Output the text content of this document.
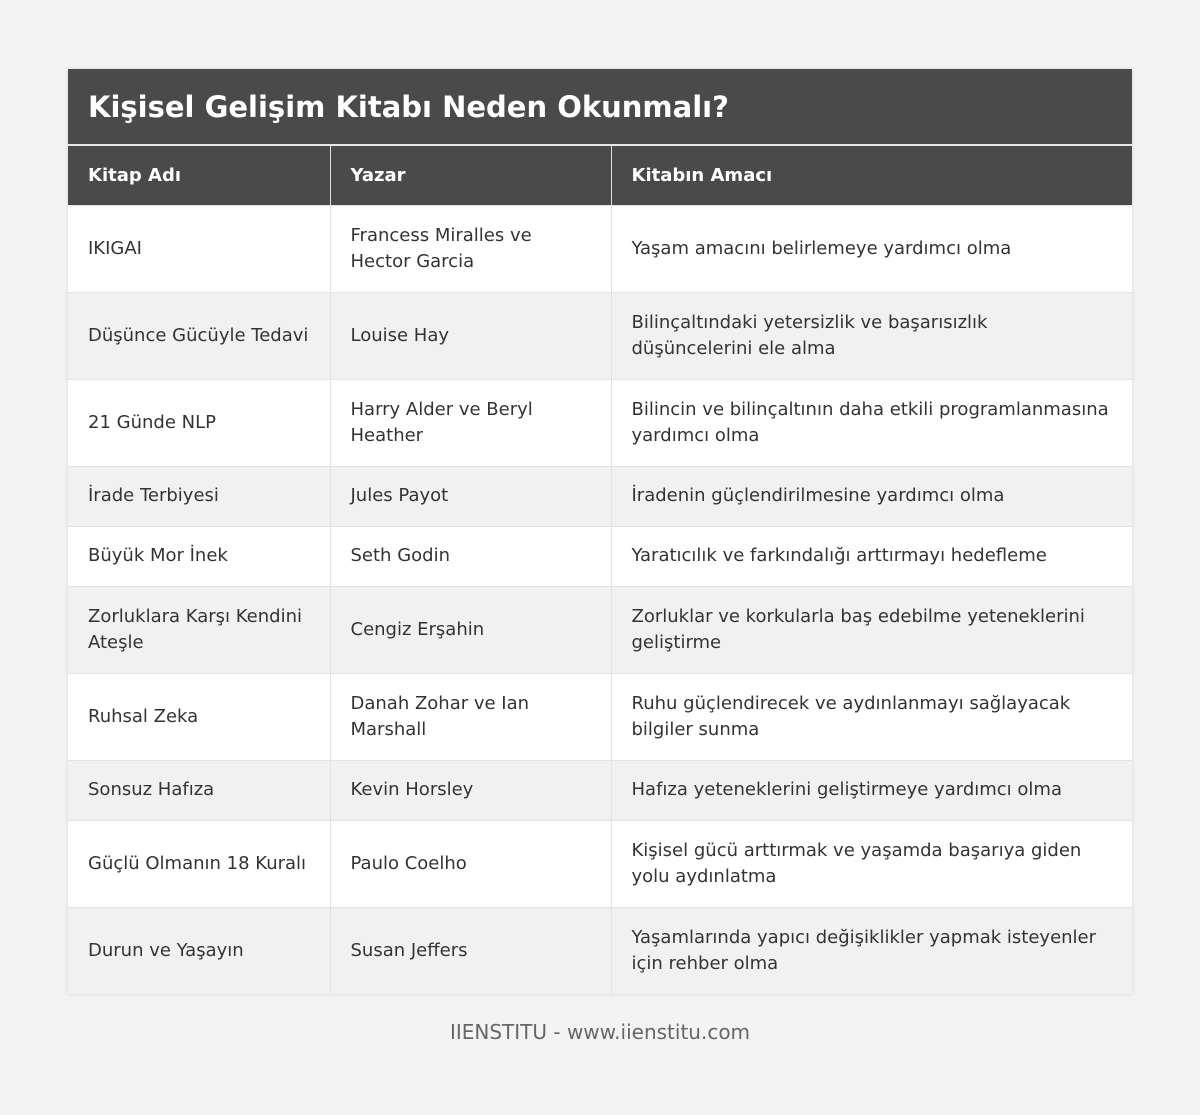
Kişisel Gelişim Kitabı Neden Okunmalı?
Kitap Adı	Yazar	Kitabın Amacı
IKIGAI	Francess Miralles ve Hector Garcia	Yaşam amacını belirlemeye yardımcı olma
Düşünce Gücüyle Tedavi	Louise Hay	Bilinçaltındaki yetersizlik ve başarısızlık düşüncelerini ele alma
21 Günde NLP	Harry Alder ve Beryl Heather	Bilincin ve bilinçaltının daha etkili programlanmasına yardımcı olma
İrade Terbiyesi	Jules Payot	İradenin güçlendirilmesine yardımcı olma
Büyük Mor İnek	Seth Godin	Yaratıcılık ve farkındalığı arttırmayı hedefleme
Zorluklara Karşı Kendini Ateşle	Cengiz Erşahin	Zorluklar ve korkularla baş edebilme yeteneklerini geliştirme
Ruhsal Zeka	Danah Zohar ve Ian Marshall	Ruhu güçlendirecek ve aydınlanmayı sağlayacak bilgiler sunma
Sonsuz Hafıza	Kevin Horsley	Hafıza yeteneklerini geliştirmeye yardımcı olma
Güçlü Olmanın 18 Kuralı	Paulo Coelho	Kişisel gücü arttırmak ve yaşamda başarıya giden yolu aydınlatma
Durun ve Yaşayın	Susan Jeffers	Yaşamlarında yapıcı değişiklikler yapmak isteyenler için rehber olma
IIENSTITU - www.iienstitu.com
